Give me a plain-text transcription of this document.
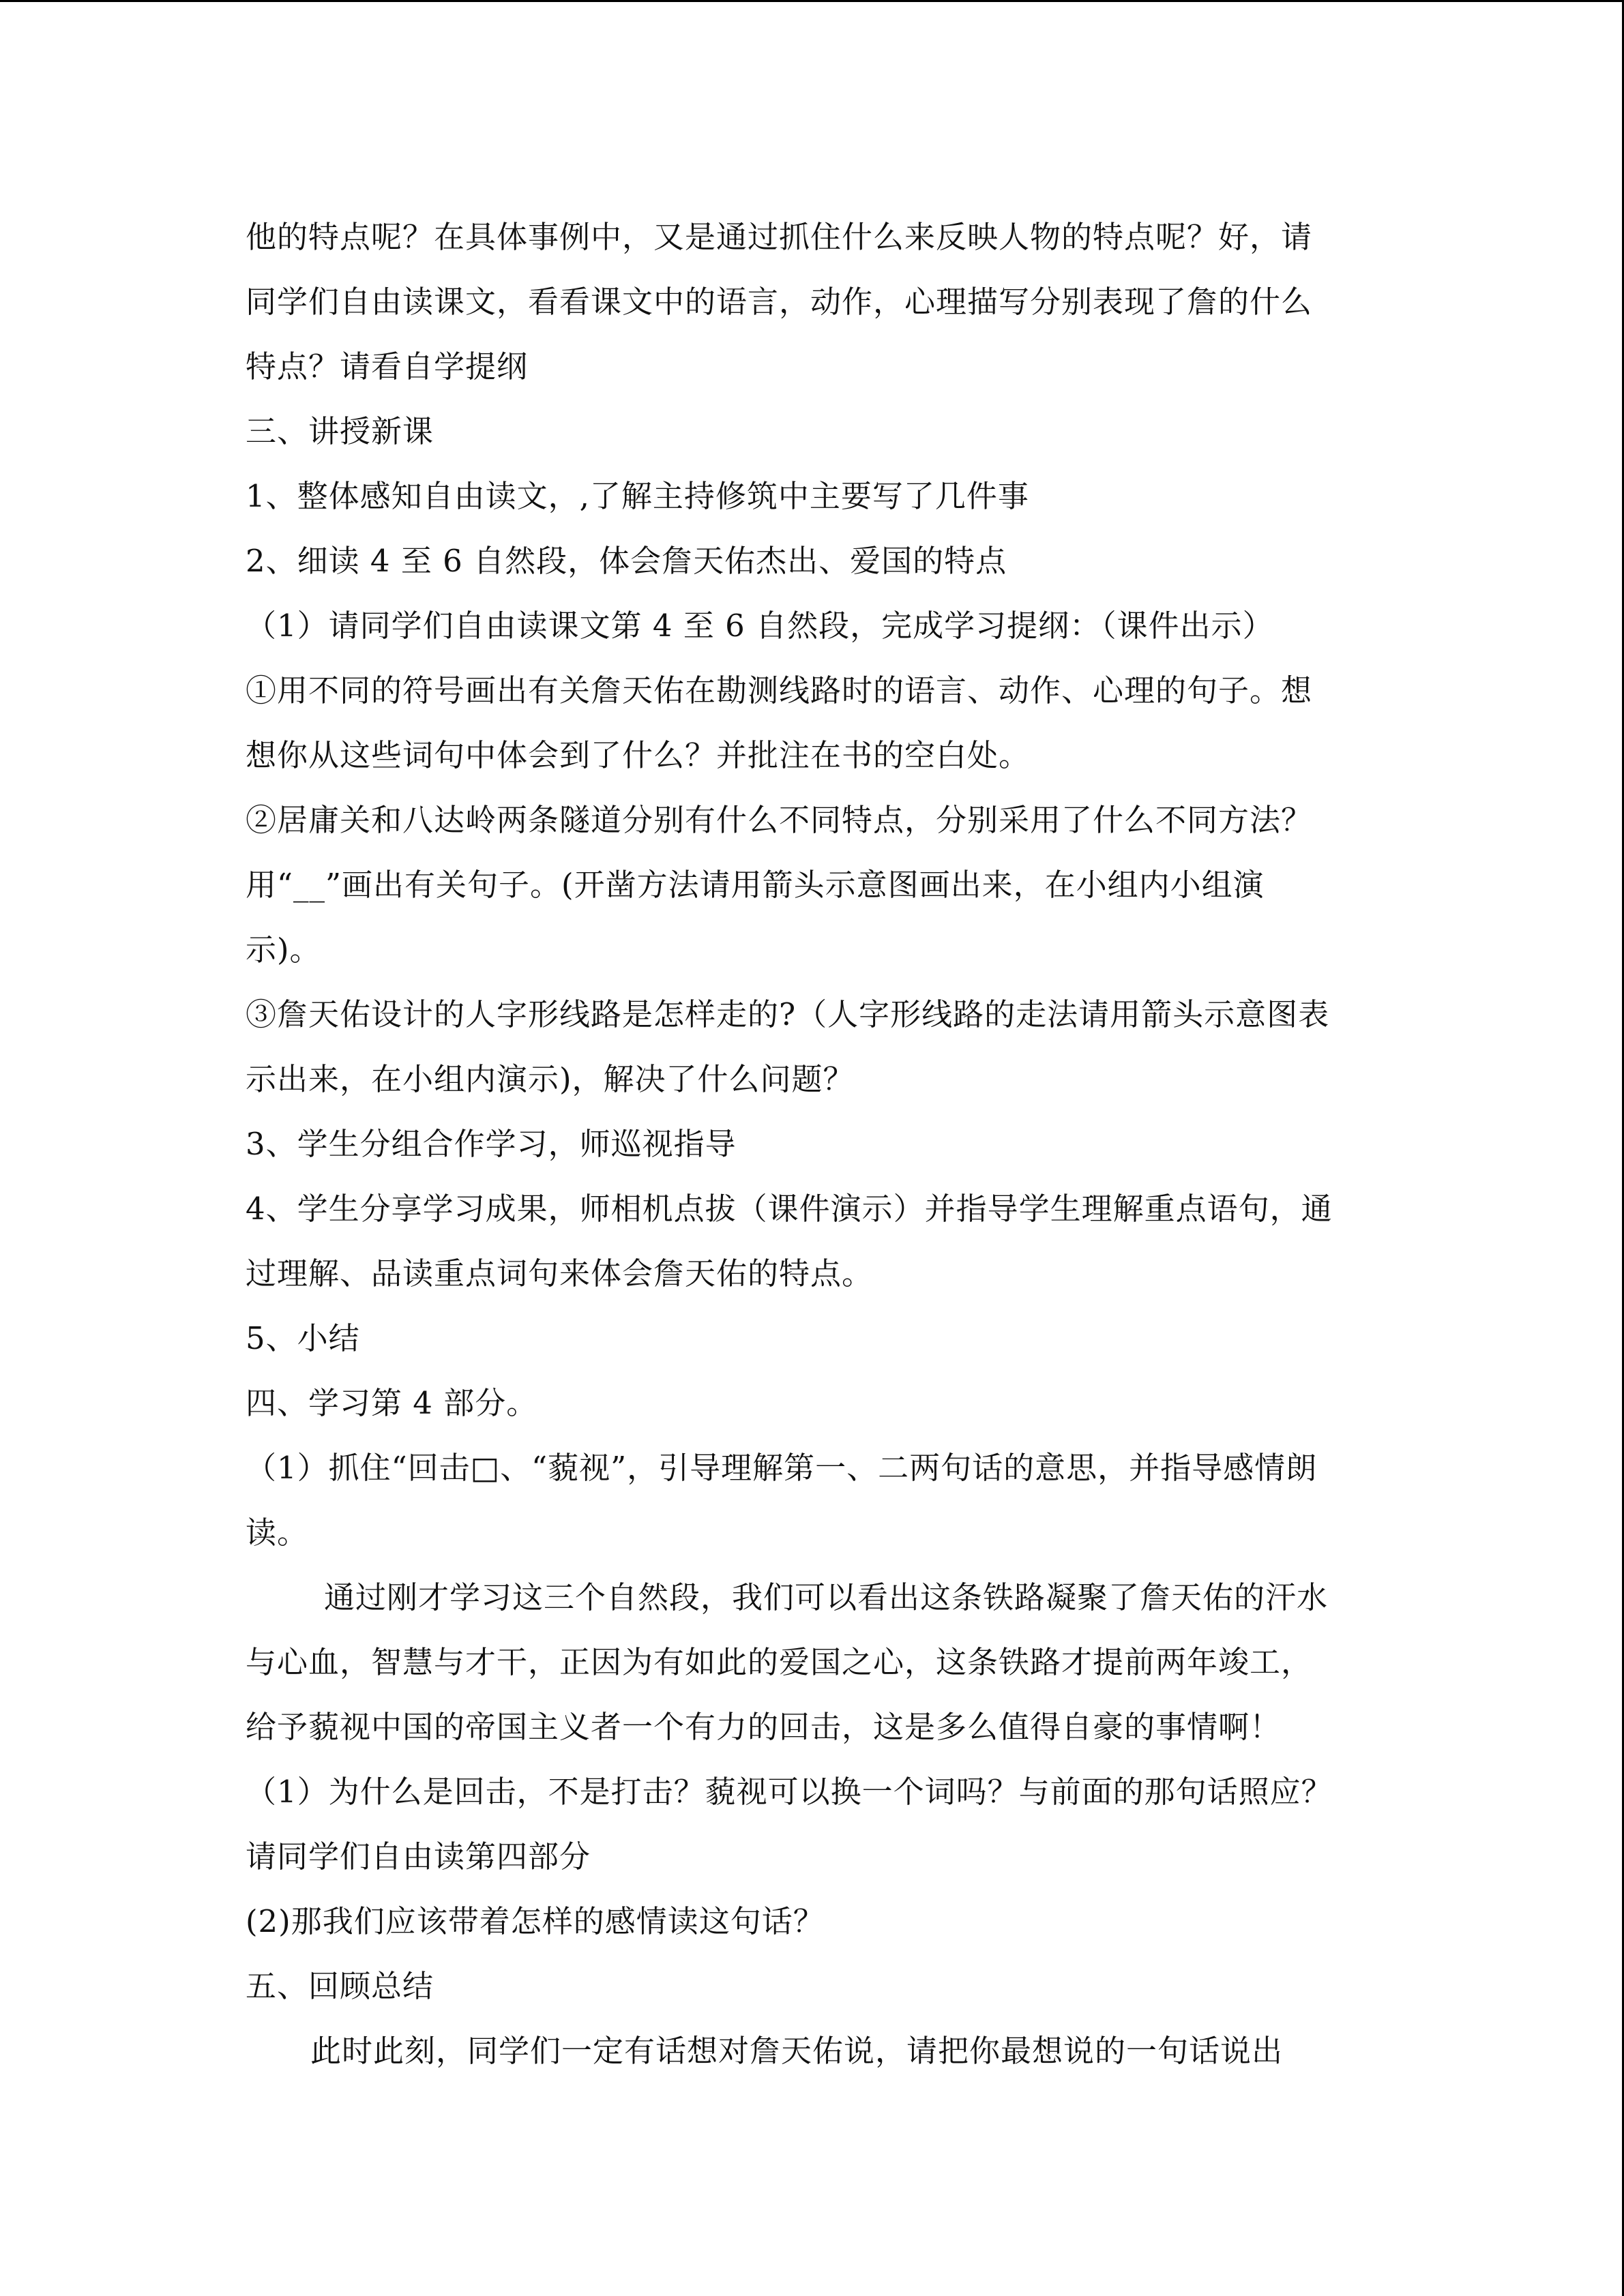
他的特点呢？在具体事例中，又是通过抓住什么来反映人物的特点呢？好，请
同学们自由读课文，看看课文中的语言，动作，心理描写分别表现了詹的什么
特点？请看自学提纲
三、讲授新课
1、整体感知自由读文，,了解主持修筑中主要写了几件事
2、细读 4 至 6 自然段，体会詹天佑杰出、爱国的特点
（1）请同学们自由读课文第 4 至 6 自然段，完成学习提纲：（课件出示）
①用不同的符号画出有关詹天佑在勘测线路时的语言、动作、心理的句子。想
想你从这些词句中体会到了什么？并批注在书的空白处。
②居庸关和八达岭两条隧道分别有什么不同特点，分别采用了什么不同方法？
用“__”画出有关句子。(开凿方法请用箭头示意图画出来，在小组内小组演
示)。
③詹天佑设计的人字形线路是怎样走的?（人字形线路的走法请用箭头示意图表
示出来，在小组内演示)，解决了什么问题？
3、学生分组合作学习，师巡视指导
4、学生分享学习成果，师相机点拔（课件演示）并指导学生理解重点语句，通
过理解、品读重点词句来体会詹天佑的特点。
5、小结
四、学习第 4 部分。
（1）抓住“回击□、“藐视”，引导理解第一、二两句话的意思，并指导感情朗
读。
通过刚才学习这三个自然段，我们可以看出这条铁路凝聚了詹天佑的汗水
与心血，智慧与才干，正因为有如此的爱国之心，这条铁路才提前两年竣工，
给予藐视中国的帝国主义者一个有力的回击，这是多么值得自豪的事情啊！
（1）为什么是回击，不是打击？藐视可以换一个词吗？与前面的那句话照应？
请同学们自由读第四部分
(2)那我们应该带着怎样的感情读这句话？
五、回顾总结
此时此刻，同学们一定有话想对詹天佑说，请把你最想说的一句话说出
